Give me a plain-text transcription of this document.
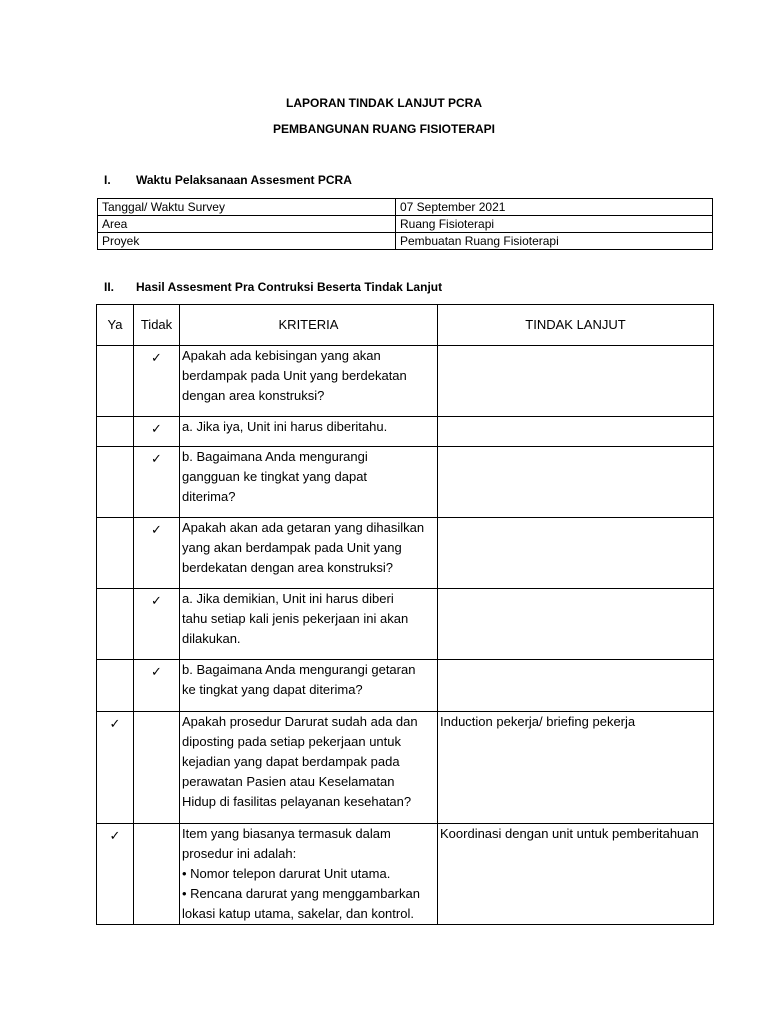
LAPORAN TINDAK LANJUT PCRA
PEMBANGUNAN RUANG FISIOTERAPI
I. Waktu Pelaksanaan Assesment PCRA
Tanggal/ Waktu Survey	07 September 2021
Area	Ruang Fisioterapi
Proyek	Pembuatan Ruang Fisioterapi
II. Hasil Assesment Pra Contruksi Beserta Tindak Lanjut
Ya	Tidak	KRITERIA	TINDAK LANJUT
	✓	Apakah ada kebisingan yang akan
berdampak pada Unit yang berdekatan
dengan area konstruksi?	
	✓	a. Jika iya, Unit ini harus diberitahu.	
	✓	b. Bagaimana Anda mengurangi
gangguan ke tingkat yang dapat
diterima?	
	✓	Apakah akan ada getaran yang dihasilkan
yang akan berdampak pada Unit yang
berdekatan dengan area konstruksi?	
	✓	a. Jika demikian, Unit ini harus diberi
tahu setiap kali jenis pekerjaan ini akan
dilakukan.	
	✓	b. Bagaimana Anda mengurangi getaran
ke tingkat yang dapat diterima?	
✓		Apakah prosedur Darurat sudah ada dan
diposting pada setiap pekerjaan untuk
kejadian yang dapat berdampak pada
perawatan Pasien atau Keselamatan
Hidup di fasilitas pelayanan kesehatan?	Induction pekerja/ briefing pekerja
✓		Item yang biasanya termasuk dalam
prosedur ini adalah:
• Nomor telepon darurat Unit utama.
• Rencana darurat yang menggambarkan
lokasi katup utama, sakelar, dan kontrol.	Koordinasi dengan unit untuk pemberitahuan
